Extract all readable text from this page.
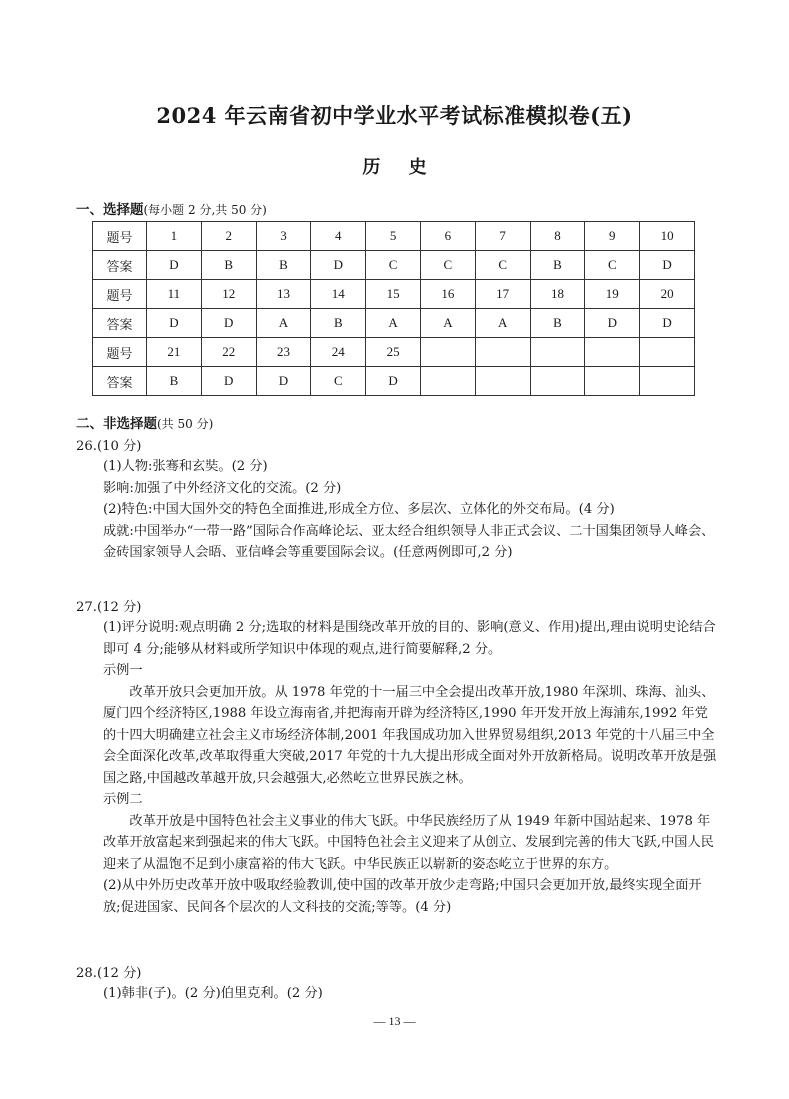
2024 年云南省初中学业水平考试标准模拟卷(五)
历 史
一、选择题(每小题 2 分,共 50 分)
题号	1	2	3	4	5	6	7	8	9	10
答案	D	B	B	D	C	C	C	B	C	D
题号	11	12	13	14	15	16	17	18	19	20
答案	D	D	A	B	A	A	A	B	D	D
题号	21	22	23	24	25					
答案	B	D	D	C	D					
二、非选择题(共 50 分)
26.(10 分)
(1)人物:张骞和玄奘。(2 分)
影响:加强了中外经济文化的交流。(2 分)
(2)特色:中国大国外交的特色全面推进,形成全方位、多层次、立体化的外交布局。(4 分)
成就:中国举办“一带一路”国际合作高峰论坛、亚太经合组织领导人非正式会议、二十国集团领导人峰会、金砖国家领导人会晤、亚信峰会等重要国际会议。(任意两例即可,2 分)
27.(12 分)
(1)评分说明:观点明确 2 分;选取的材料是围绕改革开放的目的、影响(意义、作用)提出,理由说明史论结合即可 4 分;能够从材料或所学知识中体现的观点,进行简要解释,2 分。
示例一
改革开放只会更加开放。从 1978 年党的十一届三中全会提出改革开放,1980 年深圳、珠海、汕头、厦门四个经济特区,1988 年设立海南省,并把海南开辟为经济特区,1990 年开发开放上海浦东,1992 年党的十四大明确建立社会主义市场经济体制,2001 年我国成功加入世界贸易组织,2013 年党的十八届三中全会全面深化改革,改革取得重大突破,2017 年党的十九大提出形成全面对外开放新格局。说明改革开放是强国之路,中国越改革越开放,只会越强大,必然屹立世界民族之林。
示例二
改革开放是中国特色社会主义事业的伟大飞跃。中华民族经历了从 1949 年新中国站起来、1978 年改革开放富起来到强起来的伟大飞跃。中国特色社会主义迎来了从创立、发展到完善的伟大飞跃,中国人民迎来了从温饱不足到小康富裕的伟大飞跃。中华民族正以崭新的姿态屹立于世界的东方。
(2)从中外历史改革开放中吸取经验教训,使中国的改革开放少走弯路;中国只会更加开放,最终实现全面开放;促进国家、民间各个层次的人文科技的交流;等等。(4 分)
28.(12 分)
(1)韩非(子)。(2 分)伯里克利。(2 分)
— 13 —
